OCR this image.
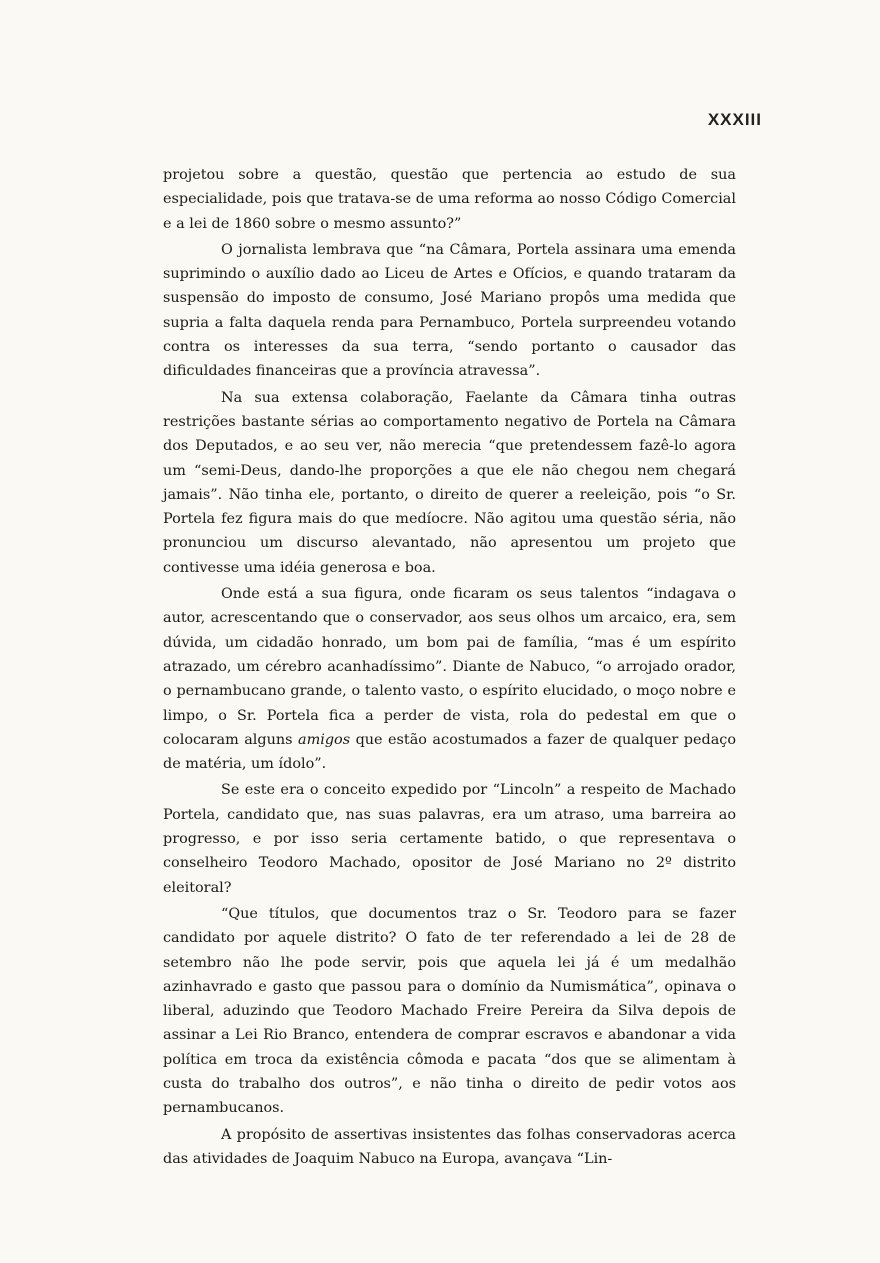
XXXIII

projetou sobre a questão, questão que pertencia ao estudo de sua especialidade, pois que tratava-se de uma reforma ao nosso Código Comercial e a lei de 1860 sobre o mesmo assunto?”

O jornalista lembrava que “na Câmara, Portela assinara uma emenda suprimindo o auxílio dado ao Liceu de Artes e Ofícios, e quando trataram da suspensão do imposto de consumo, José Mariano propôs uma medida que supria a falta daquela renda para Pernambuco, Portela surpreendeu votando contra os interesses da sua terra, “sendo portanto o causador das dificuldades financeiras que a província atravessa”.

Na sua extensa colaboração, Faelante da Câmara tinha outras restrições bastante sérias ao comportamento negativo de Portela na Câmara dos Deputados, e ao seu ver, não merecia “que pretendessem fazê-lo agora um “semi-Deus, dando-lhe proporções a que ele não chegou nem chegará jamais”. Não tinha ele, portanto, o direito de querer a reeleição, pois “o Sr. Portela fez figura mais do que medíocre. Não agitou uma questão séria, não pronunciou um discurso alevantado, não apresentou um projeto que contivesse uma idéia generosa e boa.

Onde está a sua figura, onde ficaram os seus talentos “indagava o autor, acrescentando que o conservador, aos seus olhos um arcaico, era, sem dúvida, um cidadão honrado, um bom pai de família, “mas é um espírito atrazado, um cérebro acanhadíssimo”. Diante de Nabuco, “o arrojado orador, o pernambucano grande, o talento vasto, o espírito elucidado, o moço nobre e limpo, o Sr. Portela fica a perder de vista, rola do pedestal em que o colocaram alguns amigos que estão acostumados a fazer de qualquer pedaço de matéria, um ídolo”.

Se este era o conceito expedido por “Lincoln” a respeito de Machado Portela, candidato que, nas suas palavras, era um atraso, uma barreira ao progresso, e por isso seria certamente batido, o que representava o conselheiro Teodoro Machado, opositor de José Mariano no 2º distrito eleitoral?

“Que títulos, que documentos traz o Sr. Teodoro para se fazer candidato por aquele distrito? O fato de ter referendado a lei de 28 de setembro não lhe pode servir, pois que aquela lei já é um medalhão azinhavrado e gasto que passou para o domínio da Numismática”, opinava o liberal, aduzindo que Teodoro Machado Freire Pereira da Silva depois de assinar a Lei Rio Branco, entendera de comprar escravos e abandonar a vida política em troca da existência cômoda e pacata “dos que se alimentam à custa do trabalho dos outros”, e não tinha o direito de pedir votos aos pernambucanos.

A propósito de assertivas insistentes das folhas conservadoras acerca das atividades de Joaquim Nabuco na Europa, avançava “Lin-
